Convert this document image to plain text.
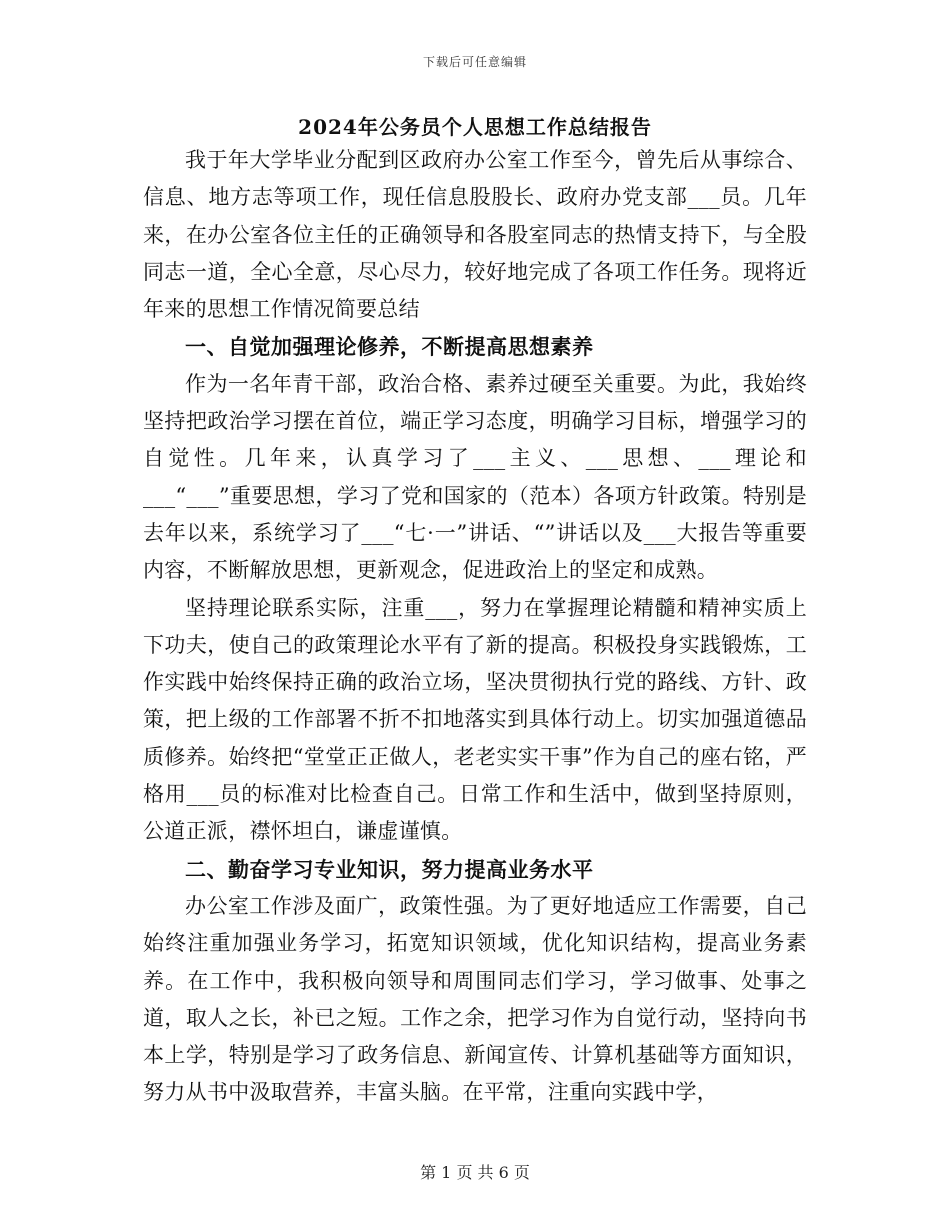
下载后可任意编辑
2024年公务员个人思想工作总结报告

我于年大学毕业分配到区政府办公室工作至今，曾先后从事综合、信息、地方志等项工作，现任信息股股长、政府办党支部___员。几年来，在办公室各位主任的正确领导和各股室同志的热情支持下，与全股同志一道，全心全意，尽心尽力，较好地完成了各项工作任务。现将近年来的思想工作情况简要总结

一、自觉加强理论修养，不断提高思想素养

作为一名年青干部，政治合格、素养过硬至关重要。为此，我始终坚持把政治学习摆在首位，端正学习态度，明确学习目标，增强学习的自觉性。几年来，认真学习了___主义、___思想、___理论和___“___”重要思想，学习了党和国家的（范本）各项方针政策。特别是去年以来，系统学习了___“七·一”讲话、“”讲话以及___大报告等重要内容，不断解放思想，更新观念，促进政治上的坚定和成熟。

坚持理论联系实际，注重___，努力在掌握理论精髓和精神实质上下功夫，使自己的政策理论水平有了新的提高。积极投身实践锻炼，工作实践中始终保持正确的政治立场，坚决贯彻执行党的路线、方针、政策，把上级的工作部署不折不扣地落实到具体行动上。切实加强道德品质修养。始终把“堂堂正正做人，老老实实干事”作为自己的座右铭，严格用___员的标准对比检查自己。日常工作和生活中，做到坚持原则，公道正派，襟怀坦白，谦虚谨慎。

二、勤奋学习专业知识，努力提高业务水平

办公室工作涉及面广，政策性强。为了更好地适应工作需要，自己始终注重加强业务学习，拓宽知识领域，优化知识结构，提高业务素养。在工作中，我积极向领导和周围同志们学习，学习做事、处事之道，取人之长，补已之短。工作之余，把学习作为自觉行动，坚持向书本上学，特别是学习了政务信息、新闻宣传、计算机基础等方面知识，努力从书中汲取营养，丰富头脑。在平常，注重向实践中学，

第 1 页 共 6 页
